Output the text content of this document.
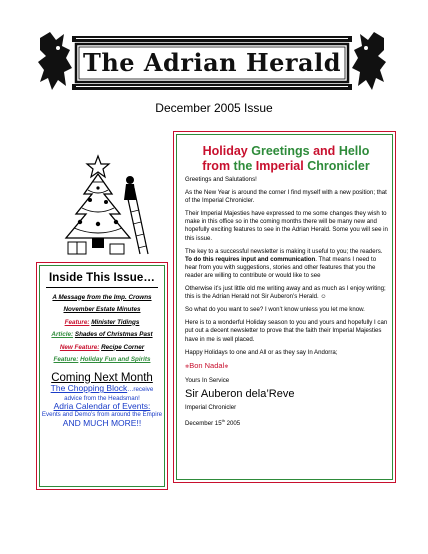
The Adrian Herald
December 2005 Issue
Inside This Issue…
A Message from the Imp. Crowns
November Estate Minutes
Feature: Minister Tidings
Article: Shades of Christmas Past
New Feature: Recipe Corner
Feature: Holiday Fun and Spirits
Coming Next Month
The Chopping Block…receive
advice from the Headsman!
Adria Calendar of Events:
Events and Demo’s from around the Empire
AND MUCH MORE!!
Holiday Greetings and Hello
from the Imperial Chronicler

Greetings and Salutations!

As the New Year is around the corner I find myself with a new position; that of the Imperial Chronicler.

Their Imperial Majesties have expressed to me some changes they wish to make in this office so in the coming months there will be many new and hopefully exciting features to see in the Adrian Herald. Some you will see in this issue.

The key to a successful newsletter is making it useful to you; the readers. To do this requires input and communication. That means I need to hear from you with suggestions, stories and other features that you the reader are willing to contribute or would like to see

Otherwise it’s just little old me writing away and as much as I enjoy writing; this is the Adrian Herald not Sir Auberon’s Herald. ☺

So what do you want to see? I won’t know unless you let me know.

Here is to a wonderful Holiday season to you and yours and hopefully I can put out a decent newsletter to prove that the faith their Imperial Majesties have in me is well placed.

Happy Holidays to one and All or as they say In Andorra;

❄Bon Nadal❄

Yours In Service

Sir Auberon dela’Reve

Imperial Chronicler

December 15th 2005
